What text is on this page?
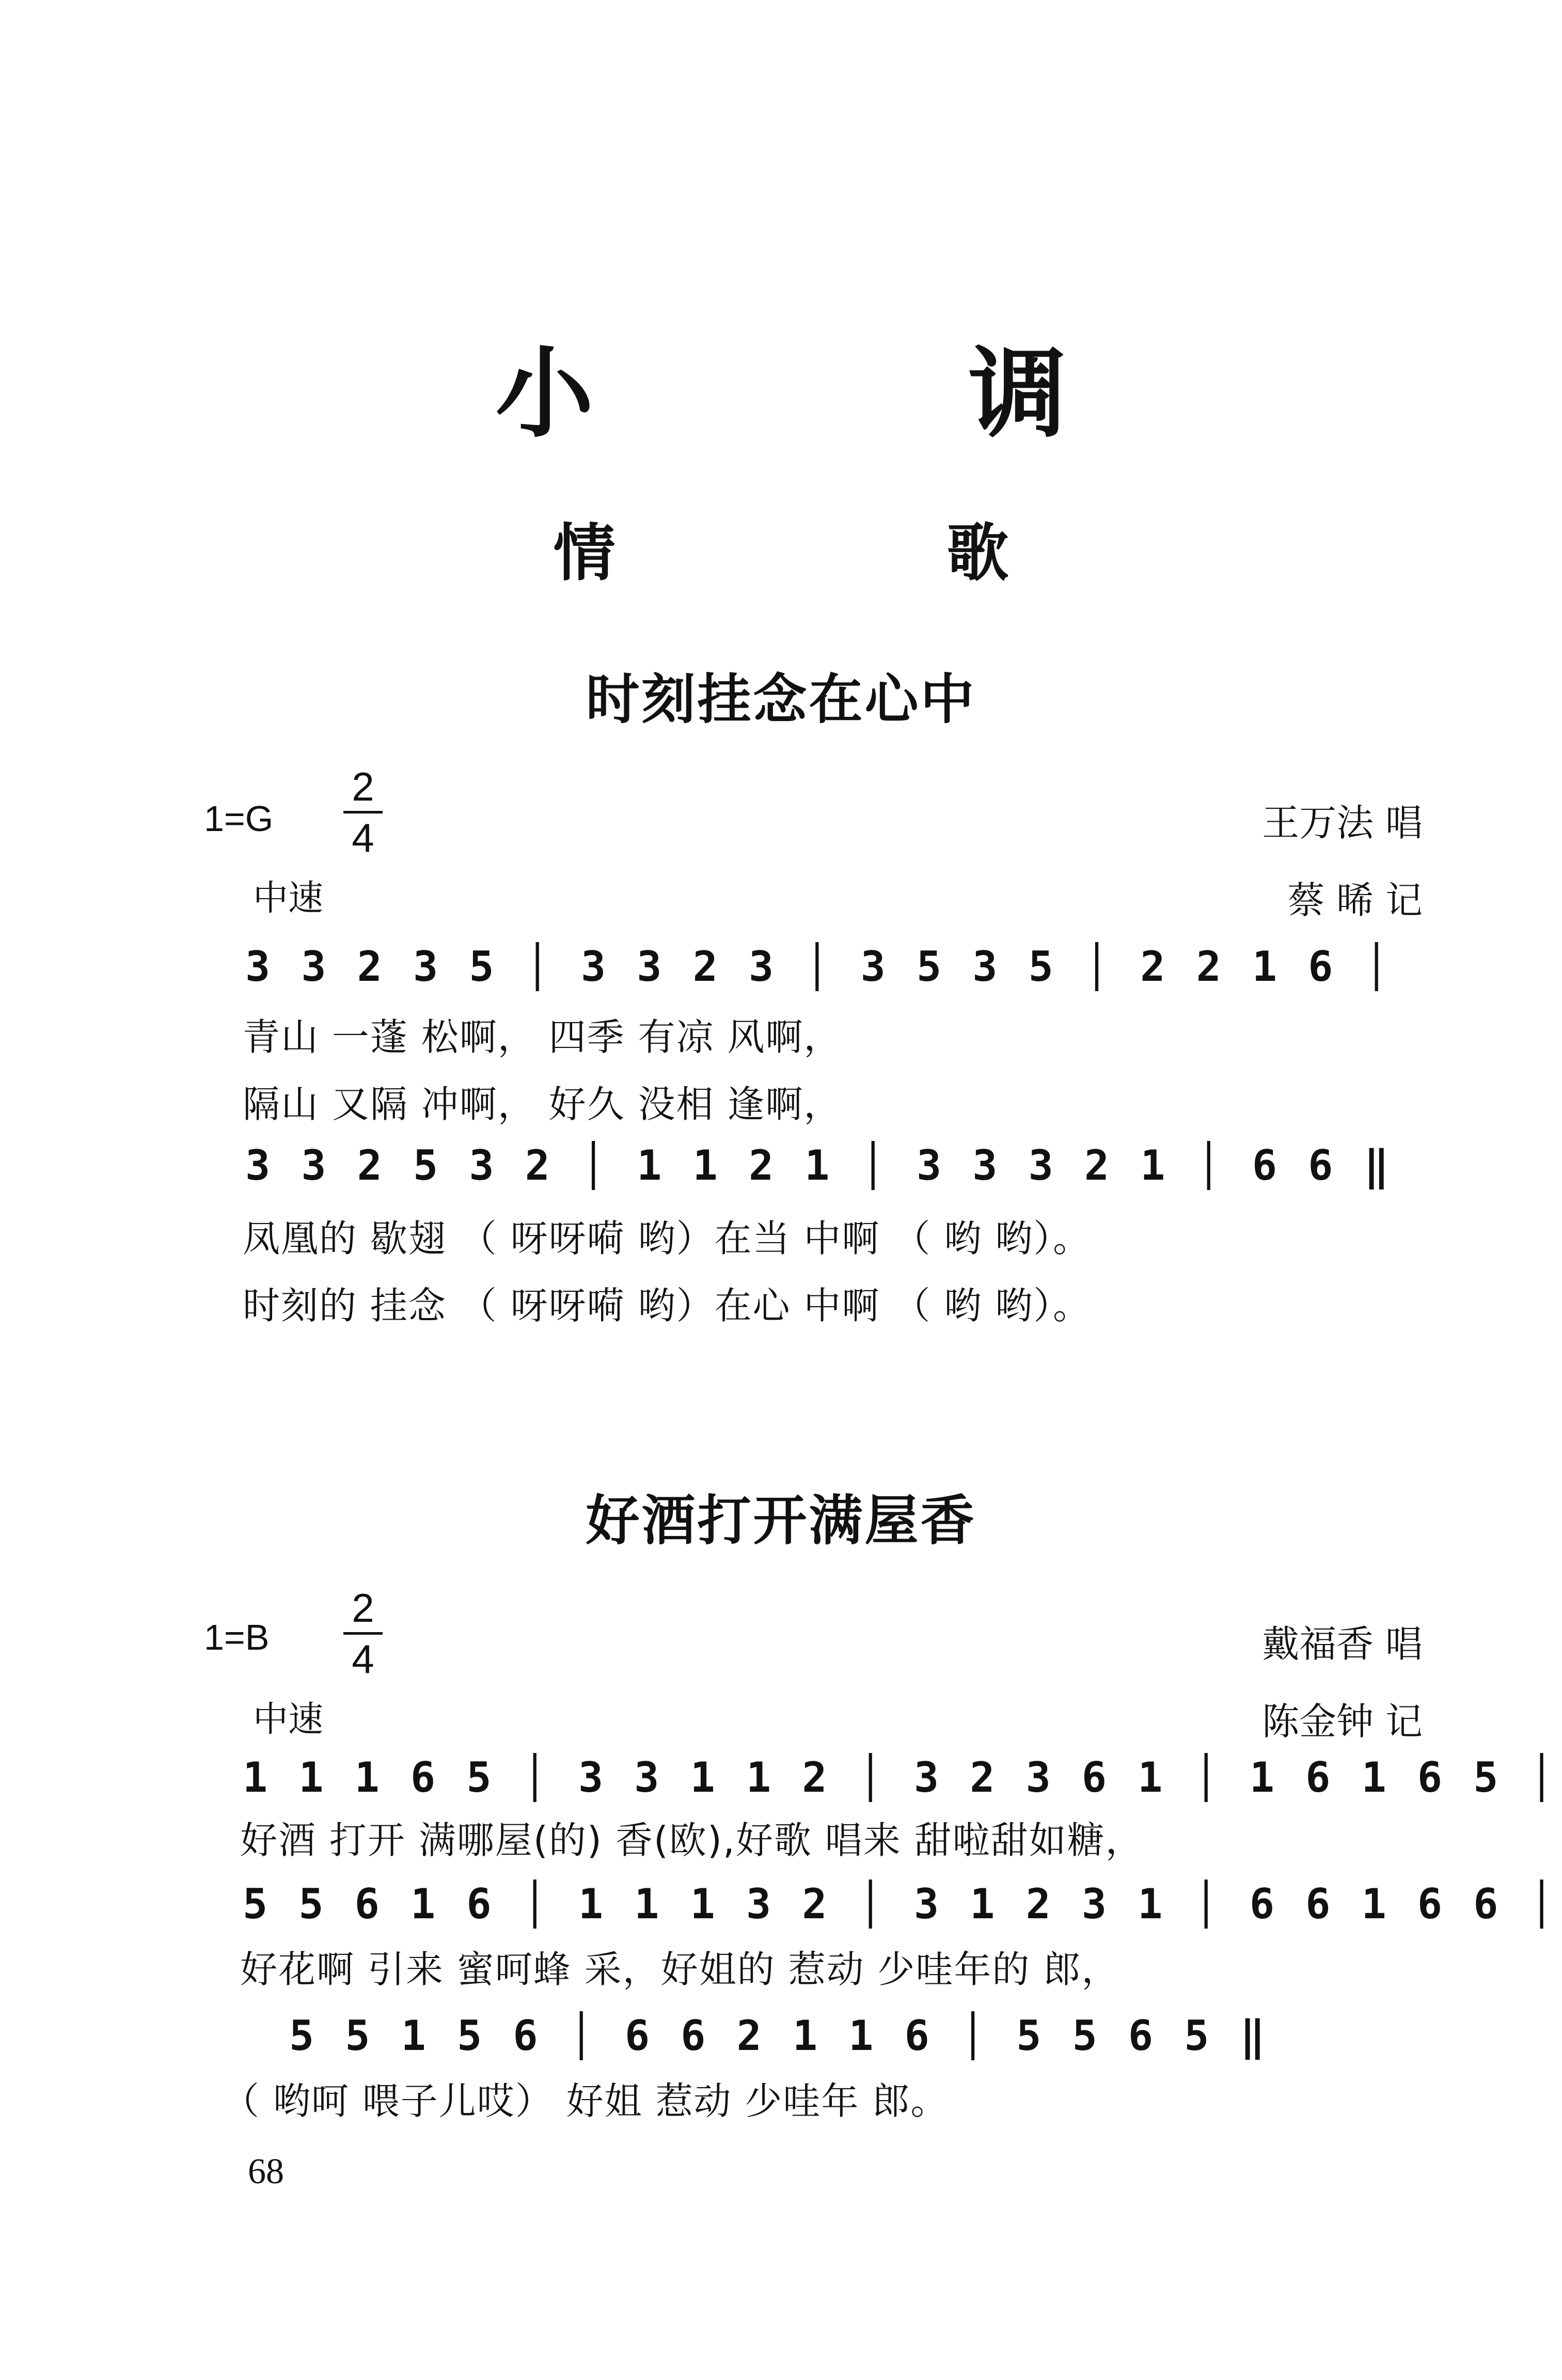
小 调
情 歌
时刻挂念在心中
1=G
2
4	王万法 唱
中速	蔡 晞 记
3 3 2 3 5 │ 3 3 2 3 │ 3 5 3 5 │ 2 2 1 6 │
青山 一蓬 松啊， 四季 有凉 风啊，
隔山 又隔 冲啊， 好久 没相 逢啊，
3 3 2 5 3 2 │ 1 1 2 1 │ 3 3 3 2 1 │ 6 6 ‖
凤凰的 歇翅 （ 呀呀嗬 哟）在当 中啊 （ 哟 哟）。
时刻的 挂念 （ 呀呀嗬 哟）在心 中啊 （ 哟 哟）。
好酒打开满屋香
1=B
2
4	戴福香 唱
中速	陈金钟 记
1 1 1 6 5 │ 3 3 1 1 2 │ 3 2 3 6 1 │ 1 6 1 6 5 │
好酒 打开 满哪屋(的) 香(欧),好歌 唱来 甜啦甜如糖，
5 5 6 1 6 │ 1 1 1 3 2 │ 3 1 2 3 1 │ 6 6 1 6 6 │
好花啊 引来 蜜呵蜂 采，好姐的 惹动 少哇年的 郎，
5 5 1 5 6 │ 6 6 2 1 1 6 │ 5 5 6 5 ‖
（ 哟呵 喂子儿哎） 好姐 惹动 少哇年 郎。
68
